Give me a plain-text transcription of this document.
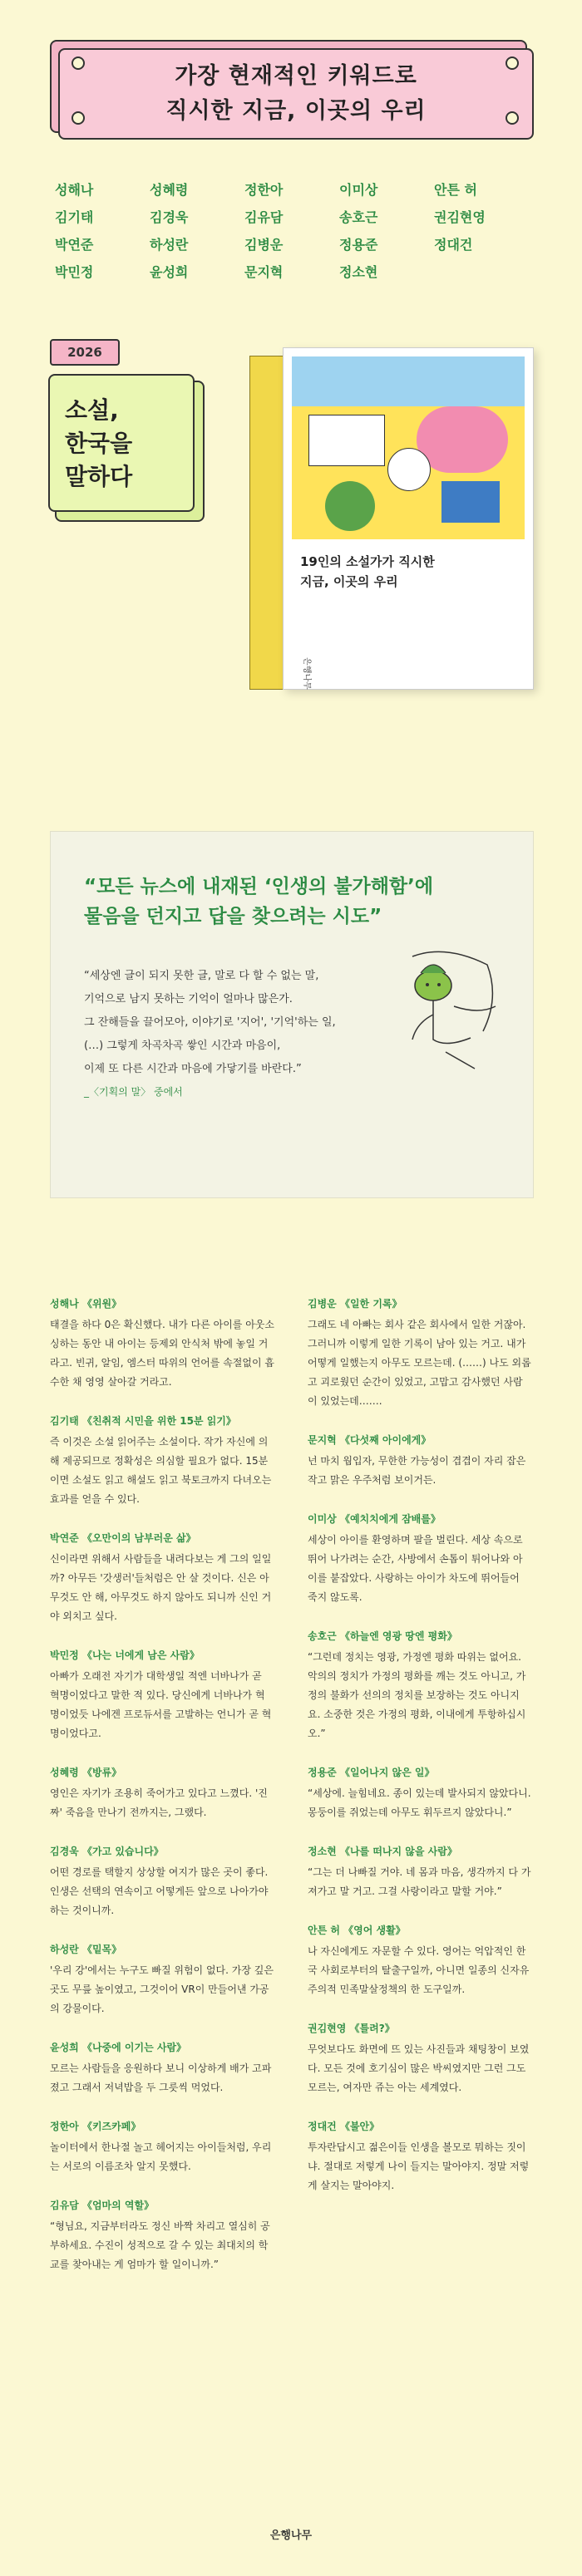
가장 현재적인 키워드로
직시한 지금, 이곳의 우리
성해나	성혜령	정한아	이미상	안튼 허
김기태	김경욱	김유담	송호근	권김현영
박연준	하성란	김병운	정용준	정대건
박민정	윤성희	문지혁	정소현
2026
소설,
한국을
말하다
19인의 소설가가 직시한
지금, 이곳의 우리
은행나무
“모든 뉴스에 내재된 ‘인생의 불가해함’에
물음을 던지고 답을 찾으려는 시도”
“세상엔 글이 되지 못한 글, 말로 다 할 수 없는 말,
기억으로 남지 못하는 기억이 얼마나 많은가.
그 잔해들을 끌어모아, 이야기로 '지어', '기억'하는 일,
(…) 그렇게 차곡차곡 쌓인 시간과 마음이,
이제 또 다른 시간과 마음에 가닿기를 바란다.”
_〈기획의 말〉 중에서
성해나 《위원》
태결을 하다 0은 확신했다. 내가 다른 아이를 아웃소싱하는 동안 내 아이는 등제외 안식처 밖에 놓일 거라고. 빈귀, 알임, 엠스터 따위의 언어를 속절없이 흡수한 채 영영 살아갈 거라고.
김기태 《친취적 시민을 위한 15분 읽기》
즉 이것은 소설 읽어주는 소설이다. 작가 자신에 의해 제공되므로 정확성은 의심할 필요가 없다. 15분이면 소설도 읽고 해설도 읽고 북토크까지 다녀오는 효과를 얻을 수 있다.
박연준 《오만이의 남부러운 삶》
신이라면 위해서 사람들을 내려다보는 게 그의 일일까? 아무든 '갓생러'들처럼은 안 살 것이다. 신은 아무것도 안 해, 아무것도 하지 않아도 되니까 신인 거야 외치고 싶다.
박민정 《나는 너에게 남은 사람》
아빠가 오래전 자기가 대학생일 적엔 너바나가 곧 혁명이었다고 말한 적 있다. 당신에게 너바나가 혁명이었듯 나에겐 프로듀서를 고발하는 언니가 곧 혁명이었다고.
성혜령 《방류》
영인은 자기가 조용히 죽어가고 있다고 느꼈다. '진짜' 죽음을 만나기 전까지는, 그랬다.
김경욱 《가고 있습니다》
어떤 경로를 택할지 상상할 여지가 많은 곳이 좋다. 인생은 선택의 연속이고 어떻게든 앞으로 나아가야 하는 것이니까.
하성란 《밑목》
'우리 강'에서는 누구도 빠질 위험이 없다. 가장 깊은 곳도 무릎 높이였고, 그것이어 VR이 만들어낸 가공의 강물이다.
윤성희 《나중에 이기는 사람》
모르는 사람들을 응원하다 보니 이상하게 배가 고파졌고 그래서 저녁밥을 두 그릇씩 먹었다.
정한아 《키즈카페》
놀이터에서 한나절 놀고 헤어지는 아이들처럼, 우리는 서로의 이름조차 알지 못했다.
김유담 《엄마의 역할》
“형님요, 지금부터라도 정신 바짝 차리고 열심히 공부하세요. 수진이 성적으로 갈 수 있는 최대치의 학교를 찾아내는 게 엄마가 할 일이니까.”
김병운 《일한 기록》
그래도 네 아빠는 회사 같은 회사에서 일한 거잖아. 그러니까 이렇게 일한 기록이 남아 있는 거고. 내가 어떻게 일했는지 아무도 모르는데. (……) 나도 외롭고 괴로웠던 순간이 있었고, 고맙고 감사했던 사람이 있었는데…….
문지혁 《다섯째 아이에게》
넌 마치 웜입자, 무한한 가능성이 겹겹이 자리 잡은 작고 맑은 우주처럼 보이거든.
이미상 《예치치에게 잠배를》
세상이 아이를 환영하며 팔을 벌린다. 세상 속으로 뛰어 나가려는 순간, 사방에서 손톱이 튀어나와 아이를 붙잡았다. 사랑하는 아이가 차도에 뛰어들어 죽지 않도록.
송호근 《하늘엔 영광 땅엔 평화》
“그런데 정치는 영광, 가정엔 평화 따위는 없어요. 악의의 정치가 가정의 평화를 깨는 것도 아니고, 가정의 불화가 선의의 정치를 보장하는 것도 아니지요. 소중한 것은 가정의 평화, 이내에게 투항하십시오.”
정용준 《일어나지 않은 일》
“세상에. 늘힘네요. 종이 있는데 발사되지 않았다니. 몽둥이를 쥐었는데 아무도 휘두르지 않았다니.”
정소현 《나를 떠나지 않을 사람》
“그는 더 나빠질 거야. 네 몸과 마음, 생각까지 다 가져가고 말 거고. 그걸 사랑이라고 말할 거야.”
안튼 허 《영어 생활》
나 자신에게도 자문할 수 있다. 영어는 억압적인 한국 사회로부터의 탈출구일까, 아니면 일종의 신자유주의적 민족말살정책의 한 도구일까.
권김현영 《틀려?》
무엇보다도 화면에 뜨 있는 사진들과 채팅창이 보였다. 모든 것에 호기심이 많은 박씨였지만 그런 그도 모르는, 여자만 쥬는 아는 세계였다.
정대건 《불안》
투자란답시고 젊은이들 인생을 볼모로 뭐하는 짓이냐. 절대로 저렇게 나이 들지는 말아야지. 정말 저렇게 살지는 말아야지.
은행나무
